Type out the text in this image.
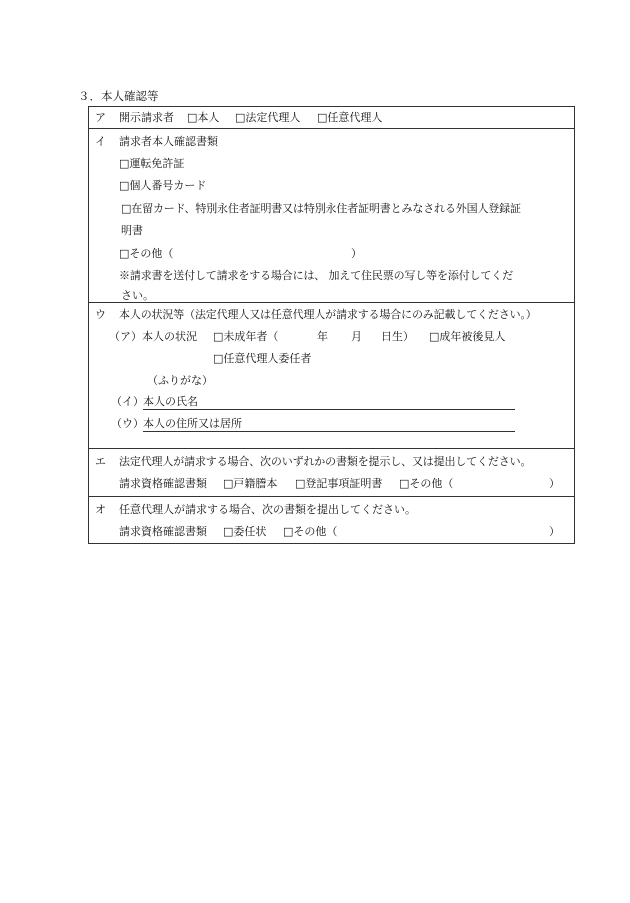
３．本人確認等
ア 開示請求者 □本人 □法定代理人 □任意代理人
イ 請求者本人確認書類
□運転免許証
□個人番号カード
□在留カード、特別永住者証明書又は特別永住者証明書とみなされる外国人登録証
明書
□その他（	）
※請求書を送付して請求をする場合には、 加えて住民票の写し等を添付してくだ
さい。
ウ 本人の状況等（法定代理人又は任意代理人が請求する場合にのみ記載してください。）
（ア）本人の状況 □未成年者（	年 月 日生） □成年被後見人
□任意代理人委任者
（ふりがな）
（イ） 本人の氏名
（ウ） 本人の住所又は居所
エ 法定代理人が請求する場合、次のいずれかの書類を提示し、又は提出してください。
請求資格確認書類 □戸籍謄本 □登記事項証明書 □その他（	）
オ 任意代理人が請求する場合、次の書類を提出してください。
請求資格確認書類 □委任状 □その他（	）
